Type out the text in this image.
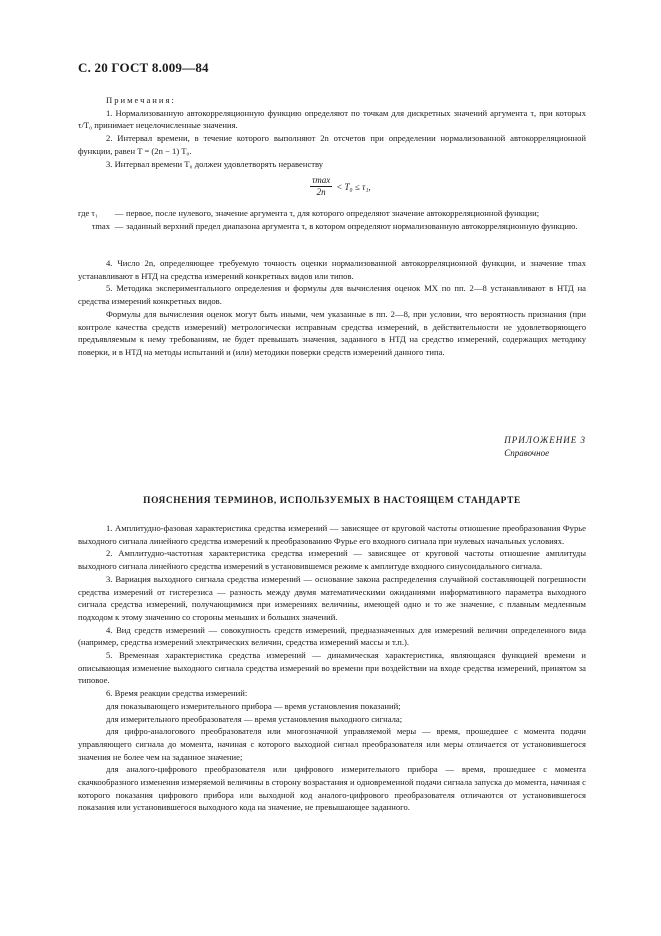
С. 20 ГОСТ 8.009—84

Примечания:

1. Нормализованную автокорреляционную функцию определяют по точкам для дискретных значений аргумента τ, при которых τ/T₀ принимает нецелочисленные значения.

2. Интервал времени, в течение которого выполняют 2n отсчетов при определении нормализованной автокорреляционной функции, равен T = (2n − 1) T₀.

3. Интервал времени T₀ должен удовлетворять неравенству

$\frac{\tau\max}{2n} < T_0 \le \tau_1$,
где τ₁	— первое, после нулевого, значение аргумента τ, для которого определяют значение автокорреляционной функции;
τmax — заданный верхний предел диапазона аргумента τ, в котором определяют нормализованную автокорреляционную функцию.

4. Число 2n, определяющее требуемую точность оценки нормализованной автокорреляционной функции, и значение τmax устанавливают в НТД на средства измерений конкретных видов или типов.

5. Методика экспериментального определения и формулы для вычисления оценок МХ по пп. 2—8 устанавливают в НТД на средства измерений конкретных видов.

Формулы для вычисления оценок могут быть иными, чем указанные в пп. 2—8, при условии, что вероятность признания (при контроле качества средств измерений) метрологически исправным средства измерений, в действительности не удовлетворяющего предъявляемым к нему требованиям, не будет превышать значения, заданного в НТД на средство измерений, содержащих методику поверки, и в НТД на методы испытаний и (или) методики поверки средств измерений данного типа.

ПРИЛОЖЕНИЕ 3
Справочное
ПОЯСНЕНИЯ ТЕРМИНОВ, ИСПОЛЬЗУЕМЫХ В НАСТОЯЩЕМ СТАНДАРТЕ

1. Амплитудно-фазовая характеристика средства измерений — зависящее от круговой частоты отношение преобразования Фурье выходного сигнала линейного средства измерений к преобразованию Фурье его входного сигнала при нулевых начальных условиях.

2. Амплитудно-частотная характеристика средства измерений — зависящее от круговой частоты отношение амплитуды выходного сигнала линейного средства измерений в установившемся режиме к амплитуде входного синусоидального сигнала.

3. Вариация выходного сигнала средства измерений — основание закона распределения случайной составляющей погрешности средства измерений от гистерезиса — разность между двумя математическими ожиданиями информативного параметра выходного сигнала средства измерений, получающимися при измерениях величины, имеющей одно и то же значение, с плавным медленным подходом к этому значению со стороны меньших и больших значений.

4. Вид средств измерений — совокупность средств измерений, предназначенных для измерений величин определенного вида (например, средства измерений электрических величин, средства измерений массы и т.п.).

5. Временная характеристика средства измерений — динамическая характеристика, являющаяся функцией времени и описывающая изменение выходного сигнала средства измерений во времени при воздействии на входе средства измерений, принятом за типовое.

6. Время реакции средства измерений:

для показывающего измерительного прибора — время установления показаний;

для измерительного преобразователя — время установления выходного сигнала;

для цифро-аналогового преобразователя или многозначной управляемой меры — время, прошедшее с момента подачи управляющего сигнала до момента, начиная с которого выходной сигнал преобразователя или меры отличается от установившегося значения не более чем на заданное значение;

для аналого-цифрового преобразователя или цифрового измерительного прибора — время, прошедшее с момента скачкообразного изменения измеряемой величины в сторону возрастания и одновременной подачи сигнала запуска до момента, начиная с которого показания цифрового прибора или выходной код аналого-цифрового преобразователя отличаются от установившегося показания или установившегося выходного кода на значение, не превышающее заданного.
